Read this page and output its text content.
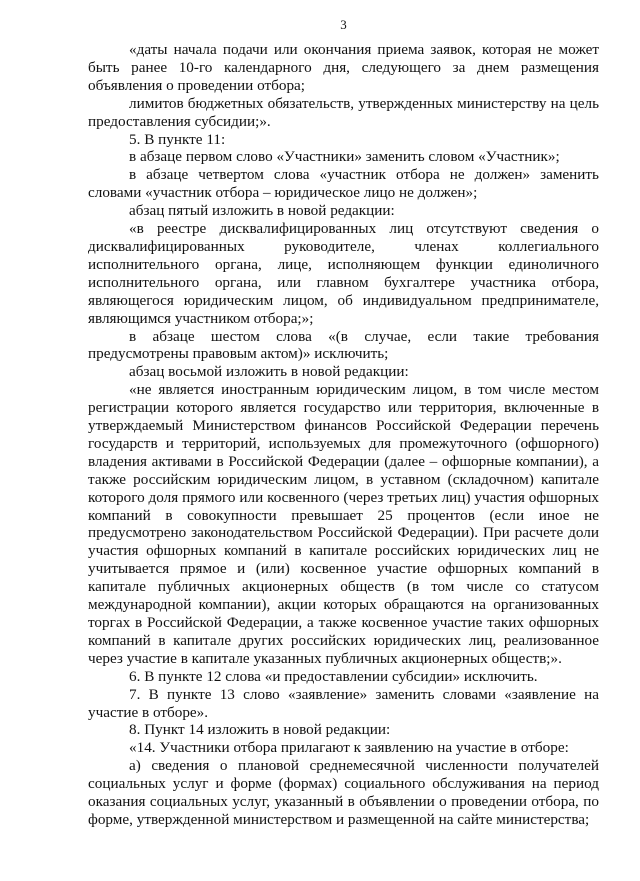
3

«даты начала подачи или окончания приема заявок, которая не может быть ранее 10-го календарного дня, следующего за днем размещения объявления о проведении отбора;

лимитов бюджетных обязательств, утвержденных министерству на цель предоставления субсидии;».

5. В пункте 11:

в абзаце первом слово «Участники» заменить словом «Участник»;

в абзаце четвертом слова «участник отбора не должен» заменить словами «участник отбора – юридическое лицо не должен»;

абзац пятый изложить в новой редакции:

«в реестре дисквалифицированных лиц отсутствуют сведения о дисквалифицированных руководителе, членах коллегиального исполнительного органа, лице, исполняющем функции единоличного исполнительного органа, или главном бухгалтере участника отбора, являющегося юридическим лицом, об индивидуальном предпринимателе, являющимся участником отбора;»;

в абзаце шестом слова «(в случае, если такие требования предусмотрены правовым актом)» исключить;

абзац восьмой изложить в новой редакции:

«не является иностранным юридическим лицом, в том числе местом регистрации которого является государство или территория, включенные в утверждаемый Министерством финансов Российской Федерации перечень государств и территорий, используемых для промежуточного (офшорного) владения активами в Российской Федерации (далее – офшорные компании), а также российским юридическим лицом, в уставном (складочном) капитале которого доля прямого или косвенного (через третьих лиц) участия офшорных компаний в совокупности превышает 25 процентов (если иное не предусмотрено законодательством Российской Федерации). При расчете доли участия офшорных компаний в капитале российских юридических лиц не учитывается прямое и (или) косвенное участие офшорных компаний в капитале публичных акционерных обществ (в том числе со статусом международной компании), акции которых обращаются на организованных торгах в Российской Федерации, а также косвенное участие таких офшорных компаний в капитале других российских юридических лиц, реализованное через участие в капитале указанных публичных акционерных обществ;».

6. В пункте 12 слова «и предоставлении субсидии» исключить.

7. В пункте 13 слово «заявление» заменить словами «заявление на участие в отборе».

8. Пункт 14 изложить в новой редакции:

«14. Участники отбора прилагают к заявлению на участие в отборе:

а) сведения о плановой среднемесячной численности получателей социальных услуг и форме (формах) социального обслуживания на период оказания социальных услуг, указанный в объявлении о проведении отбора, по форме, утвержденной министерством и размещенной на сайте министерства;
